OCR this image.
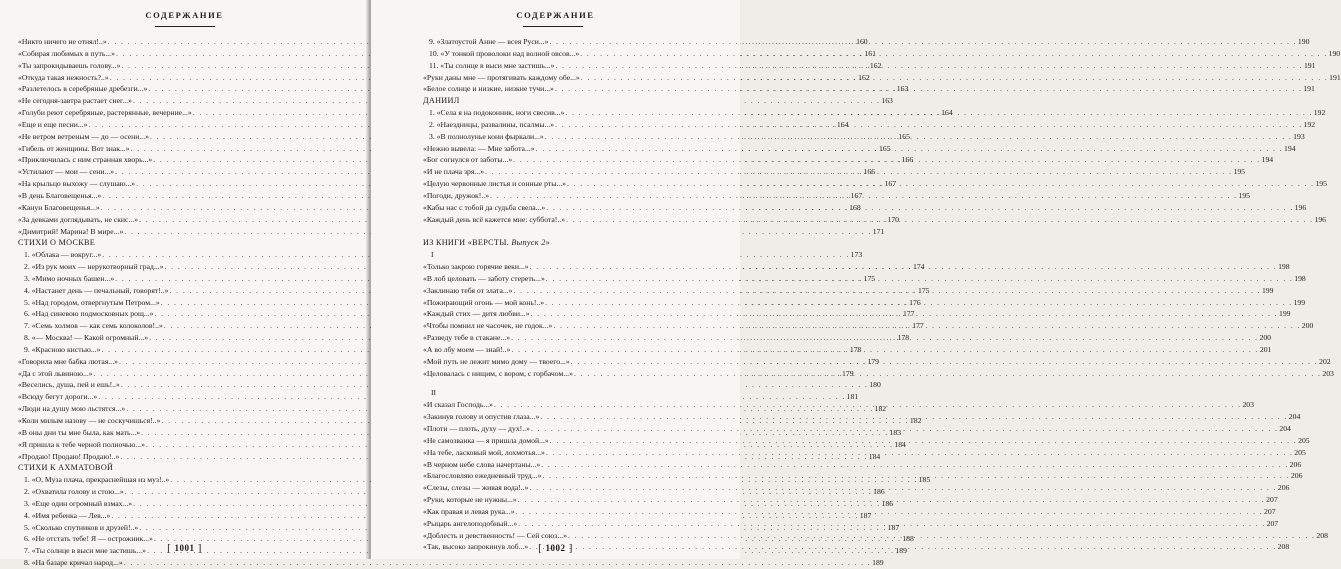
СОДЕРЖАНИЕ
«Никто ничего не отнял!..» . . .	160
«Собирая любимых в путь...» . . .	161
«Ты запрокидываешь голову...» . . .	162
«Откуда такая нежность?..» . . .	162
«Разлетелось в серебряные дребезги...» . . .	163
«Не сегодня-завтра растает снег...» . . .	163
«Голуби реют серебряные, растерянные, вечерние...» . . .	164
«Еще и еще песни...» . . .	164
«Не ветром ветреным — до — осени...» . . .	165
«Гибель от женщины. Вот знак...» . . .	165
«Приключилась с ним странная хворь...» . . .	166
«Устилают — мои — сени...» . . .	166
«На крыльцо выхожу — слушаю...» . . .	167
«В день Благовещенья...» . . .	167
«Канун Благовещенья...» . . .	168
«За девками доглядывать, не скис...» . . .	170
«Димитрий! Марина! В мире...» . . .	171
СТИХИ О МОСКВЕ
1. «Облака — вокруг...» . . .	173
2. «Из рук моих — нерукотворный град...» . . .	174
3. «Мимо ночных башен...» . . .	175
4. «Настанет день — печальный, говорят!..» . . .	175
5. «Над городом, отвергнутым Петром...» . . .	176
6. «Над синевою подмосковных рощ...» . . .	177
7. «Семь холмов — как семь колоколов!..» . . .	177
8. «— Москва! — Какой огромный...» . . .	178
9. «Красною кистью...» . . .	178
«Говорила мне бабка лютая...» . . .	179
«Да с этой львиною...» . . .	179
«Веселись, душа, пей и ешь!..» . . .	180
«Всюду бегут дороги...» . . .	181
«Люди на душу мою льстятся...» . . .	182
«Коли милым назову — не соскучишься!..» . . .	182
«В оны дни ты мне была, как мать...» . . .	183
«Я пришла к тебе черной полночью...» . . .	184
«Продаю! Продаю! Продаю!..» . . .	184
СТИХИ К АХМАТОВОЙ
1. «О, Муза плача, прекраснейшая из муз!..» . . .	185
2. «Охватила голову и стою...» . . .	186
3. «Еще один огромный взмах...» . . .	186
4. «Имя ребенка — Лев...» . . .	187
5. «Сколько спутников и друзей!..» . . .	187
6. «Не отстать тебе! Я — острожник...» . . .	188
7. «Ты солнце в выси мне застишь...» . . .	189
8. «На базаре кричал народ...» . . .	189
[ 1001 ]
СОДЕРЖАНИЕ
9. «Златоустой Анне — всея Руси...» . . .	190
10. «У тонкой проволоки над волной овсов...» . . .	190
11. «Ты солнце в выси мне застишь...» . . .	191
«Руки даны мне — протягивать каждому обе...» . . .	191
«Белое солнце и низкие, низкие тучи...» . . .	191
ДАНИИЛ
1. «Села я на подоконник, ноги свесив...» . . .	192
2. «Наездницы, развалины, псалмы...» . . .	192
3. «В полнолунье кони фыркали...» . . .	193
«Нежно вывела: — Мне забота...» . . .	194
«Бог согнулся от заботы...» . . .	194
«И не плача зря...» . . .	195
«Целую червонные листья и сонные рты...» . . .	195
«Погоди, дружок!..» . . .	195
«Кабы нас с тобой да судьба свела...» . . .	196
«Каждый день всё кажется мне: суббота!..» . . .	196
ИЗ КНИГИ «ВЕРСТЫ. Выпуск 2»
I
«Только закрою горячие веки...» . . .	198
«В лоб целовать — заботу стереть...» . . .	198
«Заклинаю тебя от злата...» . . .	199
«Пожирающий огонь — мой конь!..» . . .	199
«Каждый стих — дитя любви...» . . .	199
«Чтобы помнил не часочек, не годок...» . . .	200
«Разведу тебе в стакане...» . . .	200
«А во лбу моем — знай!..» . . .	201
«Мой путь не лежит мимо дому — твоего...» . . .	202
«Целовалась с нищим, с вором, с горбачом...» . . .	203
II
«И сказал Господь...» . . .	203
«Закинув голову и опустив глаза...» . . .	204
«Плоти — плоть, духу — дух!..» . . .	204
«Не самозванка — я пришла домой...» . . .	205
«На тебе, ласковый мой, лохмотья...» . . .	205
«В черном небе слова начертаны...» . . .	206
«Благословляю ежедневный труд...» . . .	206
«Слезы, слезы — живая вода!..» . . .	206
«Руки, которые не нужны...» . . .	207
«Как правая и левая рука...» . . .	207
«Рыцарь ангелоподобный...» . . .	207
«Доблесть и девственность! — Сей союз...» . . .	208
«Так, высоко запрокинув лоб...» . . .	208
[ 1002 ]
